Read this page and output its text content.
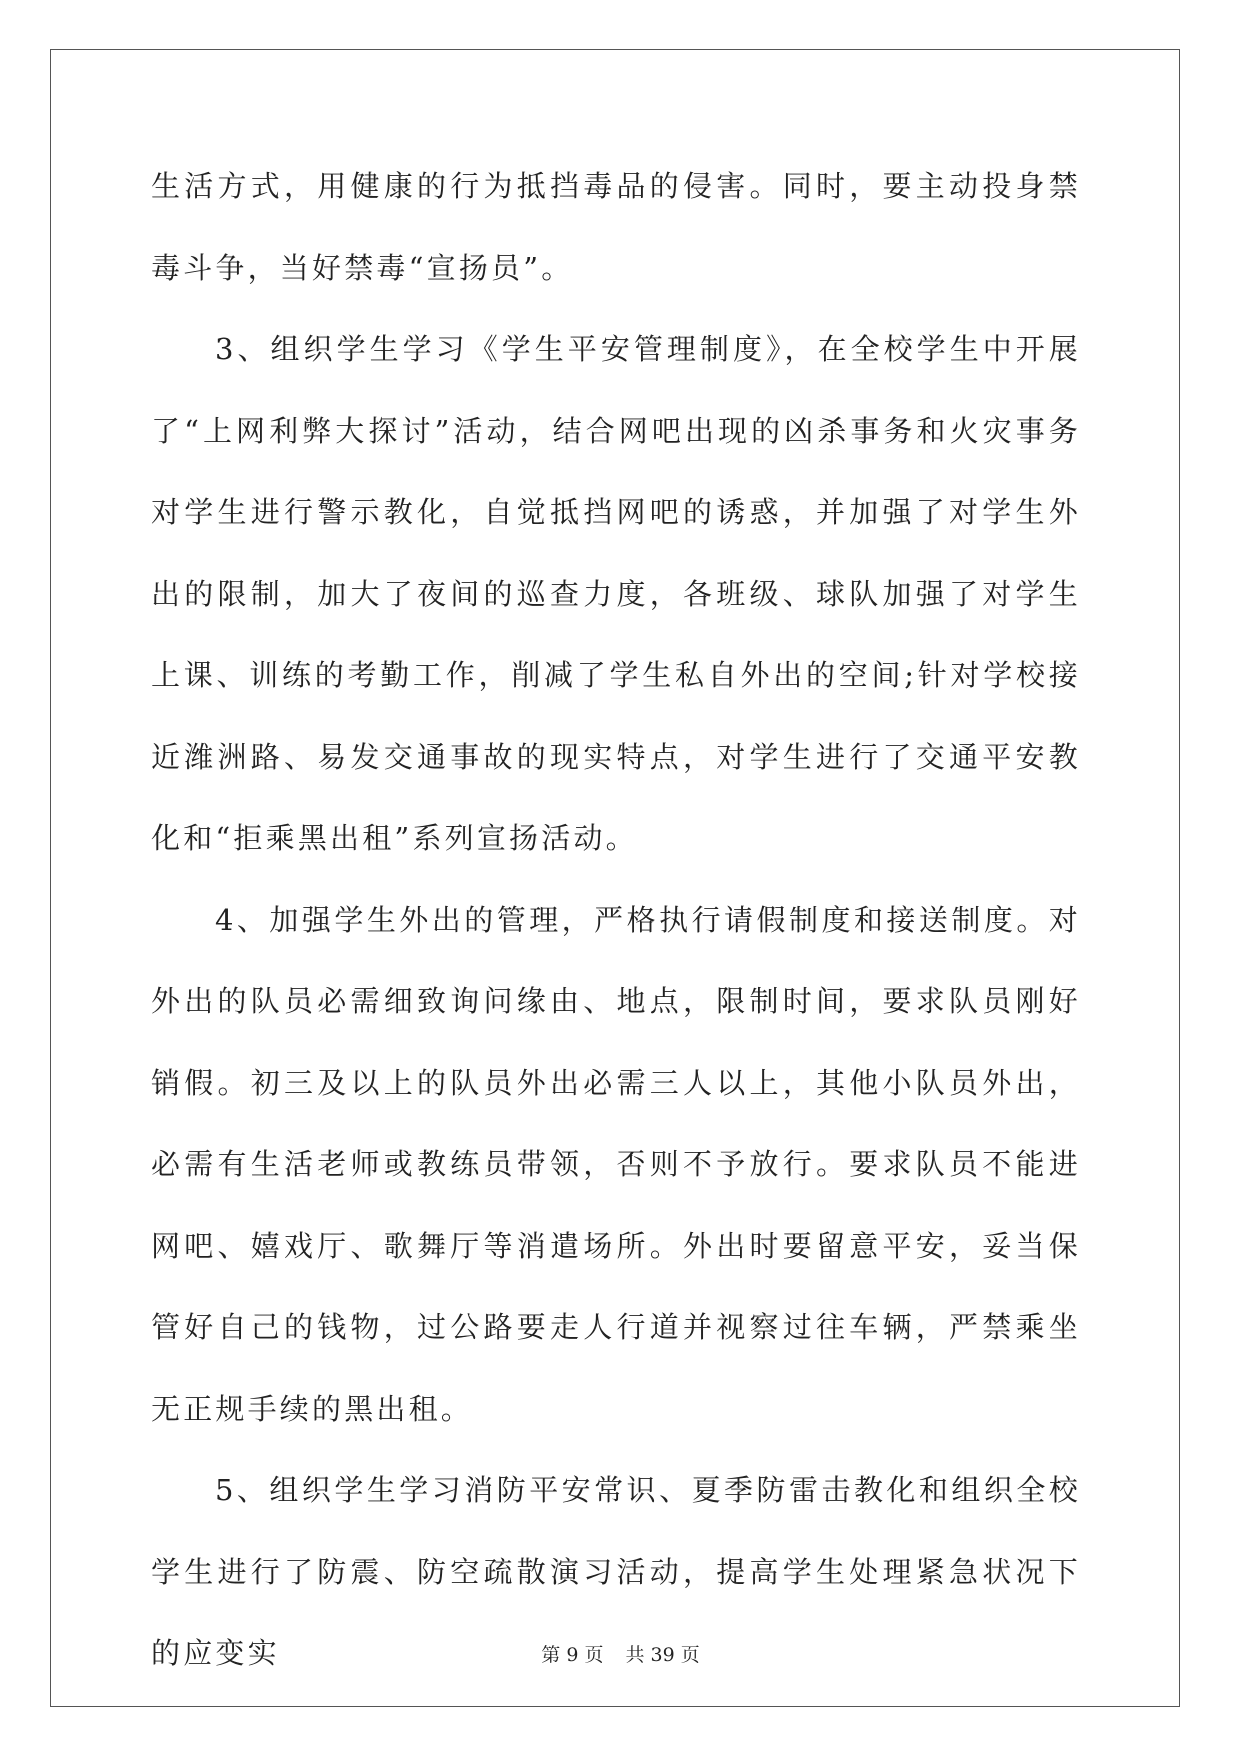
生活方式，用健康的行为抵挡毒品的侵害。同时，要主动投身禁毒斗争，当好禁毒“宣扬员”。

3、组织学生学习《学生平安管理制度》，在全校学生中开展了“上网利弊大探讨”活动，结合网吧出现的凶杀事务和火灾事务对学生进行警示教化，自觉抵挡网吧的诱惑，并加强了对学生外出的限制，加大了夜间的巡查力度，各班级、球队加强了对学生上课、训练的考勤工作，削减了学生私自外出的空间;针对学校接近潍洲路、易发交通事故的现实特点，对学生进行了交通平安教化和“拒乘黑出租”系列宣扬活动。

4、加强学生外出的管理，严格执行请假制度和接送制度。对外出的队员必需细致询问缘由、地点，限制时间，要求队员刚好销假。初三及以上的队员外出必需三人以上，其他小队员外出，必需有生活老师或教练员带领，否则不予放行。要求队员不能进网吧、嬉戏厅、歌舞厅等消遣场所。外出时要留意平安，妥当保管好自己的钱物，过公路要走人行道并视察过往车辆，严禁乘坐无正规手续的黑出租。

5、组织学生学习消防平安常识、夏季防雷击教化和组织全校学生进行了防震、防空疏散演习活动，提高学生处理紧急状况下的应变实	第 9 页 共 39 页
